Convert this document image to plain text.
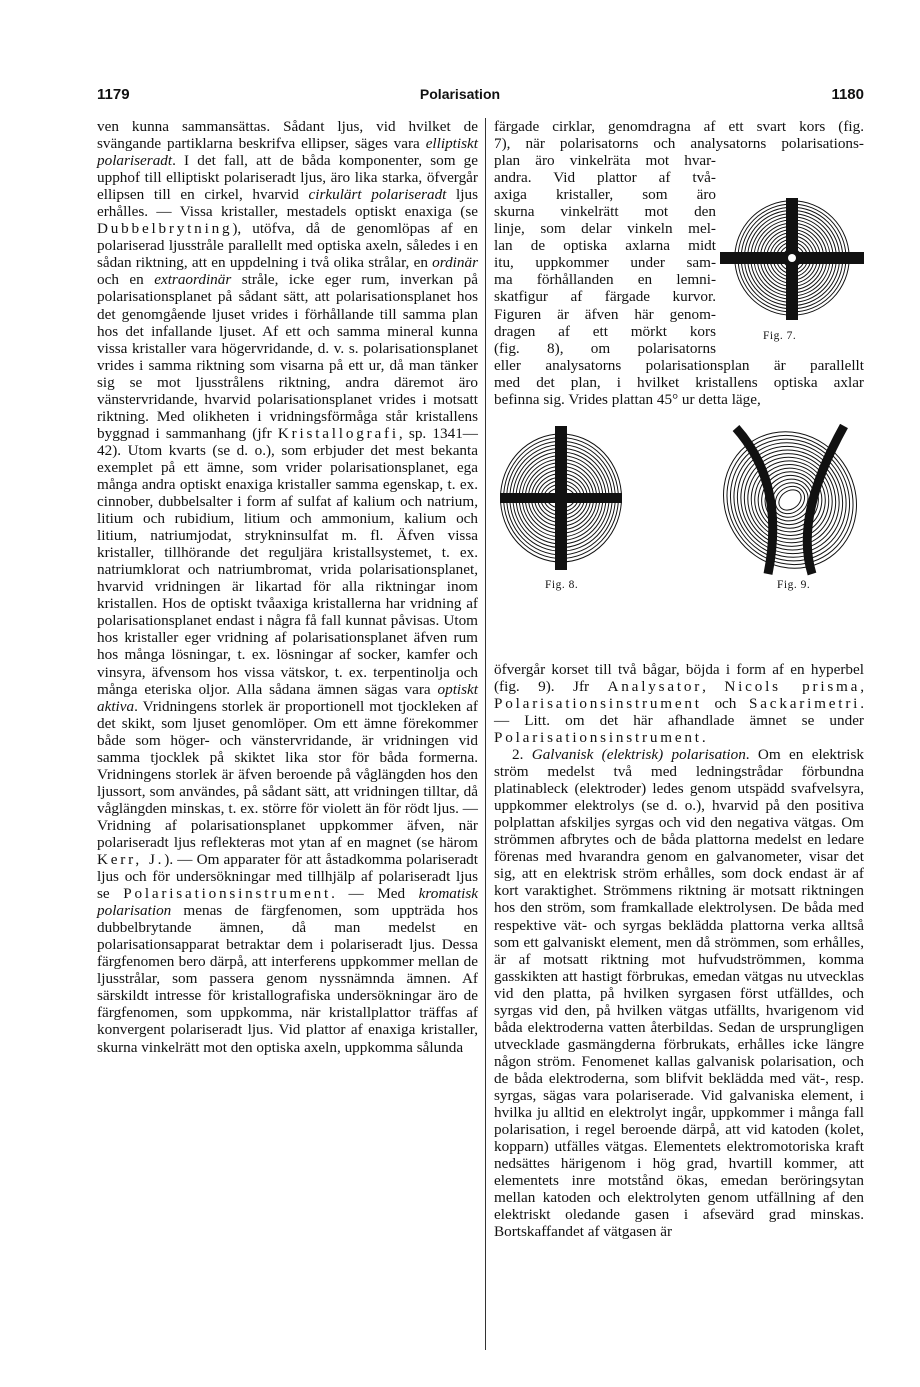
Polarisation
1179	1180

ven kunna sammansättas. Sådant ljus, vid hvilket de svängande partiklarna beskrifva ellipser, säges vara elliptiskt polariseradt. I det fall, att de båda komponenter, som ge upphof till elliptiskt polariseradt ljus, äro lika starka, öfvergår ellipsen till en cirkel, hvarvid cirkulärt polariseradt ljus erhålles. — Vissa kristaller, mestadels optiskt enaxiga (se Dubbelbrytning), utöfva, då de genomlöpas af en polariserad ljusstråle parallellt med optiska axeln, således i en sådan riktning, att en uppdelning i två olika strålar, en ordinär och en extraordinär stråle, icke eger rum, inverkan på polarisationsplanet på sådant sätt, att polarisationsplanet hos det genomgående ljuset vrides i förhållande till samma plan hos det infallande ljuset. Af ett och samma mineral kunna vissa kristaller vara högervridande, d. v. s. polarisationsplanet vrides i samma riktning som visarna på ett ur, då man tänker sig se mot ljusstrålens riktning, andra däremot äro vänstervridande, hvarvid polarisationsplanet vrides i motsatt riktning. Med olikheten i vridningsförmåga står kristallens byggnad i sammanhang (jfr Kristallografi, sp. 1341—42). Utom kvarts (se d. o.), som erbjuder det mest bekanta exemplet på ett ämne, som vrider polarisationsplanet, ega många andra optiskt enaxiga kristaller samma egenskap, t. ex. cinnober, dubbelsalter i form af sulfat af kalium och natrium, litium och rubidium, litium och ammonium, kalium och litium, natriumjodat, strykninsulfat m. fl. Äfven vissa kristaller, tillhörande det reguljära kristallsystemet, t. ex. natriumklorat och natriumbromat, vrida polarisationsplanet, hvarvid vridningen är likartad för alla riktningar inom kristallen. Hos de optiskt tvåaxiga kristallerna har vridning af polarisationsplanet endast i några få fall kunnat påvisas. Utom hos kristaller eger vridning af polarisationsplanet äfven rum hos många lösningar, t. ex. lösningar af socker, kamfer och vinsyra, äfvensom hos vissa vätskor, t. ex. terpentinolja och många eteriska oljor. Alla sådana ämnen sägas vara optiskt aktiva. Vridningens storlek är proportionell mot tjockleken af det skikt, som ljuset genomlöper. Om ett ämne förekommer både som höger- och vänstervridande, är vridningen vid samma tjocklek på skiktet lika stor för båda formerna. Vridningens storlek är äfven beroende på våglängden hos den ljussort, som användes, på sådant sätt, att vridningen tilltar, då våglängden minskas, t. ex. större för violett än för rödt ljus. — Vridning af polarisationsplanet uppkommer äfven, när polariseradt ljus reflekteras mot ytan af en magnet (se härom Kerr, J.). — Om apparater för att åstadkomma polariseradt ljus och för undersökningar med tillhjälp af polariseradt ljus se Polarisationsinstrument. — Med kromatisk polarisation menas de färgfenomen, som uppträda hos dubbelbrytande ämnen, då man medelst en polarisationsapparat betraktar dem i polariseradt ljus. Dessa färgfenomen bero därpå, att interferens uppkommer mellan de ljusstrålar, som passera genom nyssnämnda ämnen. Af särskildt intresse för kristallografiska undersökningar äro de färgfenomen, som uppkomma, när kristallplattor träffas af konvergent polariseradt ljus. Vid plattor af enaxiga kristaller, skurna vinkelrätt mot den optiska axeln, uppkomma sålunda

färgade cirklar, genomdragna af ett svart kors (fig.
7), när polarisatorns och analysatorns polarisations-
plan äro vinkelräta mot hvar-
andra. Vid plattor af två-
axiga kristaller, som äro
skurna vinkelrätt mot den
linje, som delar vinkeln mel-
lan de optiska axlarna midt
itu, uppkommer under sam-
ma förhållanden en lemni-
skatfigur af färgade kurvor.
Figuren är äfven här genom-
dragen af ett mörkt kors
(fig. 8), om polarisatorns
eller analysatorns polarisationsplan är parallellt
med det plan, i hvilket kristallens optiska axlar
befinna sig. Vrides plattan 45° ur detta läge,

öfvergår korset till två bågar, böjda i form af en hyperbel (fig. 9). Jfr Analysator, Nicols prisma, Polarisationsinstrument och Sackarimetri. — Litt. om det här afhandlade ämnet se under Polarisationsinstrument.

2. Galvanisk (elektrisk) polarisation. Om en elektrisk ström medelst två med ledningstrådar förbundna platinableck (elektroder) ledes genom utspädd svafvelsyra, uppkommer elektrolys (se d. o.), hvarvid på den positiva polplattan afskiljes syrgas och vid den negativa vätgas. Om strömmen afbrytes och de båda plattorna medelst en ledare förenas med hvarandra genom en galvanometer, visar det sig, att en elektrisk ström erhålles, som dock endast är af kort varaktighet. Strömmens riktning är motsatt riktningen hos den ström, som framkallade elektrolysen. De båda med respektive vät- och syrgas beklädda plattorna verka alltså som ett galvaniskt element, men då strömmen, som erhålles, är af motsatt riktning mot hufvudströmmen, komma gasskikten att hastigt förbrukas, emedan vätgas nu utvecklas vid den platta, på hvilken syrgasen först utfälldes, och syrgas vid den, på hvilken vätgas utfällts, hvarigenom vid båda elektroderna vatten återbildas. Sedan de ursprungligen utvecklade gasmängderna förbrukats, erhålles icke längre någon ström. Fenomenet kallas galvanisk polarisation, och de båda elektroderna, som blifvit beklädda med vät-, resp. syrgas, sägas vara polariserade. Vid galvaniska element, i hvilka ju alltid en elektrolyt ingår, uppkommer i många fall polarisation, i regel beroende därpå, att vid katoden (kolet, kopparn) utfälles vätgas. Elementets elektromotoriska kraft nedsättes härigenom i hög grad, hvartill kommer, att elementets inre motstånd ökas, emedan beröringsytan mellan katoden och elektrolyten genom utfällning af den elektriskt oledande gasen i afsevärd grad minskas. Bortskaffandet af vätgasen är

Fig. 7.
Fig. 8.	Fig. 9.
